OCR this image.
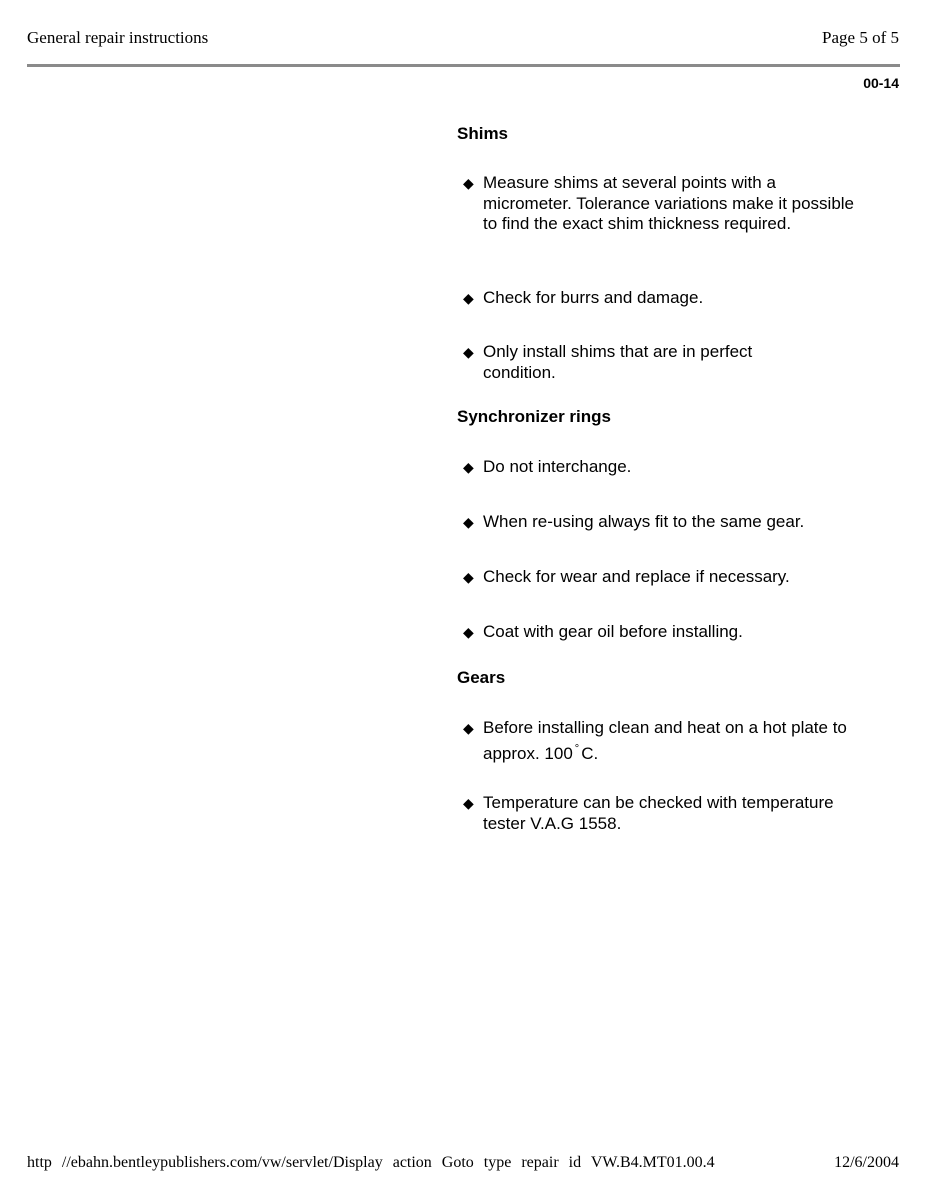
General repair instructions	Page 5 of 5
00-14
Shims
◆ Measure shims at several points with a micrometer. Tolerance variations make it possible to find the exact shim thickness required.
◆ Check for burrs and damage.
◆ Only install shims that are in perfect condition.
Synchronizer rings
◆ Do not interchange.
◆ When re-using always fit to the same gear.
◆ Check for wear and replace if necessary.
◆ Coat with gear oil before installing.
Gears
◆ Before installing clean and heat on a hot plate to approx. 100 ° C.
◆ Temperature can be checked with temperature tester V.A.G 1558.
http //ebahn.bentleypublishers.com/vw/servlet/Display action Goto type repair id VW.B4.MT01.00.4	12/6/2004
